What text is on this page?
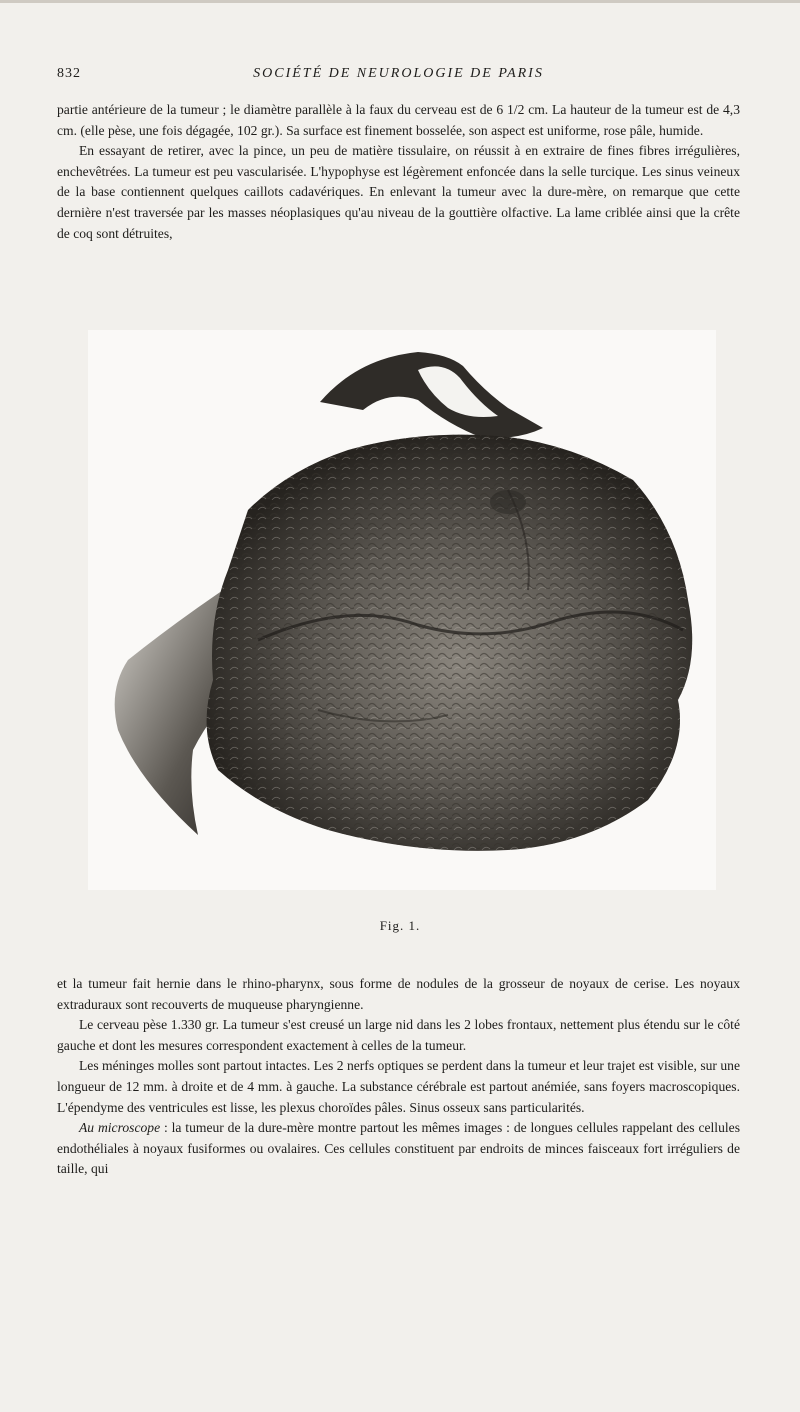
832	SOCIÉTÉ DE NEUROLOGIE DE PARIS

partie antérieure de la tumeur ; le diamètre parallèle à la faux du cerveau est de 6 1/2 cm. La hauteur de la tumeur est de 4,3 cm. (elle pèse, une fois dégagée, 102 gr.). Sa surface est finement bosselée, son aspect est uniforme, rose pâle, humide.

En essayant de retirer, avec la pince, un peu de matière tissulaire, on réussit à en extraire de fines fibres irrégulières, enchevêtrées. La tumeur est peu vascularisée. L'hypophyse est légèrement enfoncée dans la selle turcique. Les sinus veineux de la base contiennent quelques caillots cadavériques. En enlevant la tumeur avec la dure-mère, on remarque que cette dernière n'est traversée par les masses néoplasiques qu'au niveau de la gouttière olfactive. La lame criblée ainsi que la crête de coq sont détruites,

Fig. 1.

et la tumeur fait hernie dans le rhino-pharynx, sous forme de nodules de la grosseur de noyaux de cerise. Les noyaux extraduraux sont recouverts de muqueuse pharyngienne.

Le cerveau pèse 1.330 gr. La tumeur s'est creusé un large nid dans les 2 lobes frontaux, nettement plus étendu sur le côté gauche et dont les mesures correspondent exactement à celles de la tumeur.

Les méninges molles sont partout intactes. Les 2 nerfs optiques se perdent dans la tumeur et leur trajet est visible, sur une longueur de 12 mm. à droite et de 4 mm. à gauche. La substance cérébrale est partout anémiée, sans foyers macroscopiques. L'épendyme des ventricules est lisse, les plexus choroïdes pâles. Sinus osseux sans particularités.

Au microscope : la tumeur de la dure-mère montre partout les mêmes images : de longues cellules rappelant des cellules endothéliales à noyaux fusiformes ou ovalaires. Ces cellules constituent par endroits de minces faisceaux fort irréguliers de taille, qui
